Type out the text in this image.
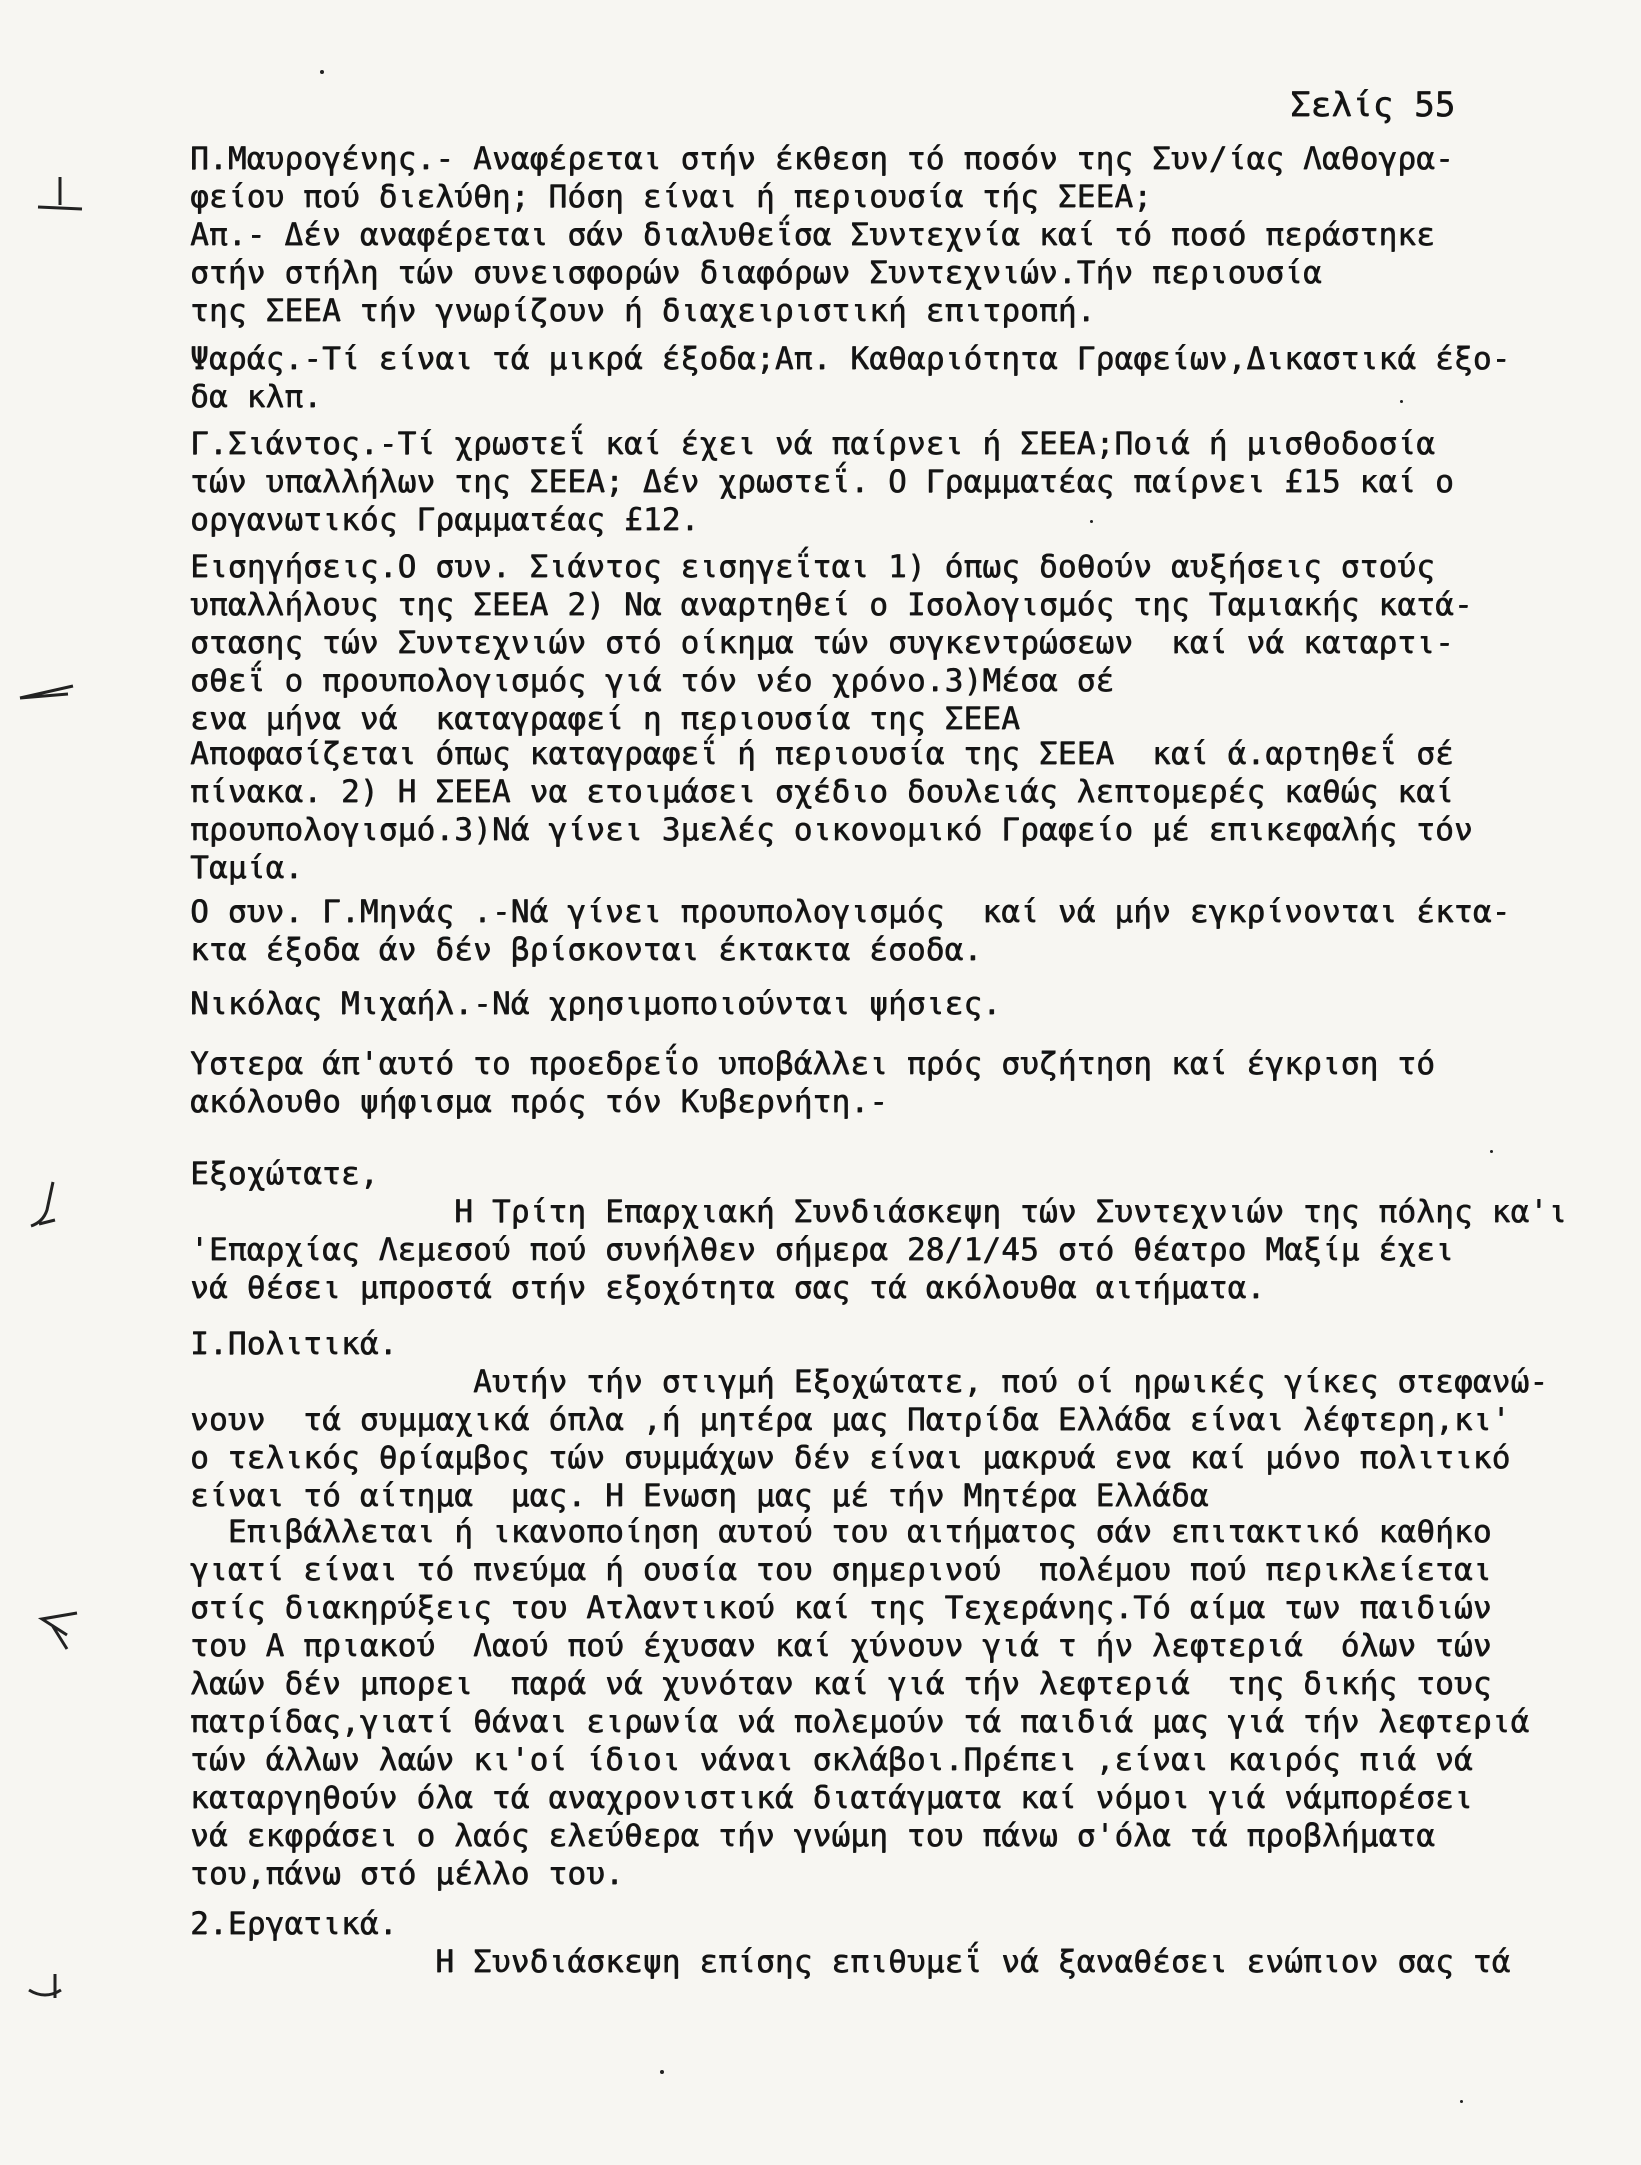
Σελίς 55
Π.Μαυρογένης.- Αναφέρεται στήν έκθεση τό ποσόν της Συν/ίας Λαθογρα-
φείου πού διελύθη; Πόση είναι ή περιουσία τής ΣΕΕΑ;
Απ.- Δέν αναφέρεται σάν διαλυθεΐσα Συντεχνία καί τό ποσό περάστηκε
στήν στήλη τών συνεισφορών διαφόρων Συντεχνιών.Τήν περιουσία
της ΣΕΕΑ τήν γνωρίζουν ή διαχειριστική επιτροπή.
Ψαράς.-Τί είναι τά μικρά έξοδα;Απ. Καθαριότητα Γραφείων,Δικαστικά έξο-
δα κλπ.
Γ.Σιάντος.-Τί χρωστεΐ καί έχει νά παίρνει ή ΣΕΕΑ;Ποιά ή μισθοδοσία
τών υπαλλήλων της ΣΕΕΑ; Δέν χρωστεΐ. Ο Γραμματέας παίρνει £15 καί ο
οργανωτικός Γραμματέας £12.
Εισηγήσεις.Ο συν. Σιάντος εισηγεΐται 1) όπως δοθούν αυξήσεις στούς
υπαλλήλους της ΣΕΕΑ 2) Να αναρτηθεί ο Ισολογισμός της Ταμιακής κατά-
στασης τών Συντεχνιών στό οίκημα τών συγκεντρώσεων  καί νά καταρτι-
σθεΐ ο προυπολογισμός γιά τόν νέο χρόνο.3)Μέσα σέ
ενα μήνα νά  καταγραφεί η περιουσία της ΣΕΕΑ
Αποφασίζεται όπως καταγραφεΐ ή περιουσία της ΣΕΕΑ  καί ά.αρτηθεΐ σέ
πίνακα. 2) Η ΣΕΕΑ να ετοιμάσει σχέδιο δουλειάς λεπτομερές καθώς καί
προυπολογισμό.3)Νά γίνει 3μελές οικονομικό Γραφείο μέ επικεφαλής τόν
Ταμία.
Ο συν. Γ.Μηνάς .-Νά γίνει προυπολογισμός  καί νά μήν εγκρίνονται έκτα-
κτα έξοδα άν δέν βρίσκονται έκτακτα έσοδα.
Νικόλας Μιχαήλ.-Νά χρησιμοποιούνται ψήσιες.
Υστερα άπ'αυτό το προεδρεΐο υποβάλλει πρός συζήτηση καί έγκριση τό
ακόλουθο ψήφισμα πρός τόν Κυβερνήτη.-
Εξοχώτατε,
Η Τρίτη Επαρχιακή Συνδιάσκεψη τών Συντεχνιών της πόλης κα'ι
'Επαρχίας Λεμεσού πού συνήλθεν σήμερα 28/1/45 στό θέατρο Μαξίμ έχει
νά θέσει μπροστά στήν εξοχότητα σας τά ακόλουθα αιτήματα.
I.Πολιτικά.
Αυτήν τήν στιγμή Εξοχώτατε, πού οί ηρωικές γίκες στεφανώ-
νουν  τά συμμαχικά όπλα ,ή μητέρα μας Πατρίδα Ελλάδα είναι λέφτερη,κι'
ο τελικός θρίαμβος τών συμμάχων δέν είναι μακρυά ενα καί μόνο πολιτικό
είναι τό αίτημα  μας. Η Ενωση μας μέ τήν Μητέρα Ελλάδα
Επιβάλλεται ή ικανοποίηση αυτού του αιτήματος σάν επιτακτικό καθήκο
γιατί είναι τό πνεύμα ή ουσία του σημερινού  πολέμου πού περικλείεται
στίς διακηρύξεις του Ατλαντικού καί της Τεχεράνης.Τό αίμα των παιδιών
του Α πριακού  Λαού πού έχυσαν καί χύνουν γιά τ ήν λεφτεριά  όλων τών
λαών δέν μπορει  παρά νά χυνόταν καί γιά τήν λεφτεριά  της δικής τους
πατρίδας,γιατί θάναι ειρωνία νά πολεμούν τά παιδιά μας γιά τήν λεφτεριά
τών άλλων λαών κι'οί ίδιοι νάναι σκλάβοι.Πρέπει ,είναι καιρός πιά νά
καταργηθούν όλα τά αναχρονιστικά διατάγματα καί νόμοι γιά νάμπορέσει
νά εκφράσει ο λαός ελεύθερα τήν γνώμη του πάνω σ'όλα τά προβλήματα
του,πάνω στό μέλλο του.
2.Εργατικά.
Η Συνδιάσκεψη επίσης επιθυμεΐ νά ξαναθέσει ενώπιον σας τά
